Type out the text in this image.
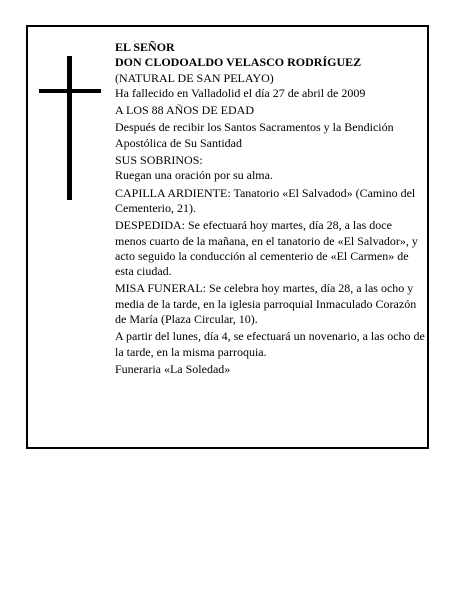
EL SEÑOR

DON CLODOALDO VELASCO RODRÍGUEZ

(NATURAL DE SAN PELAYO)

Ha fallecido en Valladolid el día 27 de abril de 2009

A LOS 88 AÑOS DE EDAD

Después de recibir los Santos Sacramentos y la Bendición Apostólica de Su Santidad

SUS SOBRINOS:

Ruegan una oración por su alma.

CAPILLA ARDIENTE: Tanatorio «El Salvadod» (Camino del Cementerio, 21).

DESPEDIDA: Se efectuará hoy martes, día 28, a las doce menos cuarto de la mañana, en el tanatorio de «El Salvador», y acto seguido la conducción al cementerio de «El Carmen» de esta ciudad.

MISA FUNERAL: Se celebra hoy martes, día 28, a las ocho y media de la tarde, en la iglesia parroquial Inmaculado Corazón de María (Plaza Circular, 10).

A partir del lunes, día 4, se efectuará un novenario, a las ocho de la tarde, en la misma parroquia.

Funeraria «La Soledad»
